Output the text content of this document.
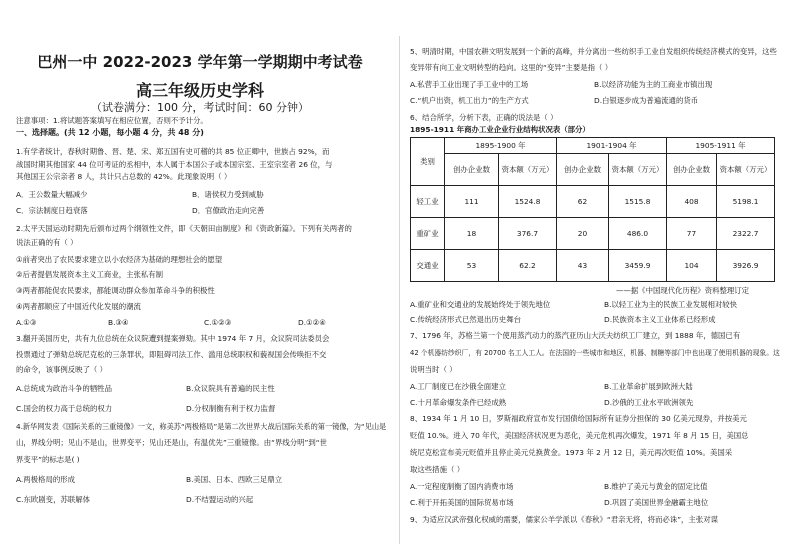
巴州一中 2022-2023 学年第一学期期中考试卷
高三年级历史学科
（试卷满分：100 分，考试时间：60 分钟）
注意事项：1.将试题答案填写在相应位置，否则不予计分。
一、选择题。(共 12 小题，每小题 4 分，共 48 分)
1.有学者统计，春秋时期鲁、晋、楚、宋、郑五国有史可稽的共 85 位正卿中，世族占 92%，而
战国时期其他国家 44 位可考证的丞相中，本人属于本国公子或本国宗室、王室宗室者 26 位，与
其他国王公宗亲者 8 人，共计只占总数的 42%。此现象说明（ ）
A．王公数量大幅减少	B．诸侯权力受到威胁
C．宗法制度日趋衰落	D．官僚政治走向完善
2.太平天国运动时期先后颁布过两个纲领性文件，即《天朝田亩制度》和《资政新篇》。下列有关两者的
说法正确的有（ ）
①前者突出了农民要求建立以小农经济为基础的理想社会的愿望
②后者提倡发展资本主义工商业，主张私有制
③两者都能促农民要求，都能调动群众参加革命斗争的积极性
④两者都顺应了中国近代化发展的潮流
A.①③	B.③④	C.①②③	D.①②④
3.翻开美国历史，共有九位总统在众议院遭到提案弹劾。其中 1974 年 7 月，众议院司法委员会
投票通过了弹劾总统尼克松的三条罪状，即阻碍司法工作、滥用总统职权和藐视国会传唤拒不交
的命令，该事例反映了（ ）
A.总统成为政治斗争的牺牲品	B.众议院具有普遍的民主性
C.国会的权力高于总统的权力	D.分权制衡有利于权力监督
4.新华网发表《国际关系的三重镜像》一文，称美苏“两极格局”是第二次世界大战后国际关系的第一镜像，为“见山是
山，界线分明；见山不是山，世界变平；见山还是山，有温优先”三重镜像。由“界线分明”到“世
界变平”的标志是( )
A.两极格局的形成	B.美国、日本、西欧三足鼎立
C.东欧剧变，苏联解体	D.不结盟运动的兴起
5、明清时期，中国农耕文明发展到一个新的高峰，并分离出一些纺织手工业自发组织传统经济模式的变异，这些
变异带有向工业文明转型的趋向。这里的“变异”主要是指（ ）
A.私营手工业出现了手工业中的工场	B.以经济功能为主的工商业市镇出现
C.“机户出资，机工出力”的生产方式	D.白银逐步成为普遍流通的货币
6、结合所学，分析下表，正确的说法是（ ）
1895-1911 年商办工业企业行业结构状况表（部分）
类别	1895-1900 年		1901-1904 年		1905-1911 年	
	创办企业数	资本额（万元）	创办企业数	资本额（万元）	创办企业数	资本额（万元）
轻工业	111	1524.8	62	1515.8	408	5198.1
重矿业	18	376.7	20	486.0	77	2322.7
交通业	53	62.2	43	3459.9	104	3926.9
——据《中国现代化历程》资料整理订定
A.重矿业和交通业的发展始终处于领先地位	B.以轻工业为主的民族工业发展相对较快
C.传统经济形式已然退出历史舞台	D.民族资本主义工业体系已经形成
7、1796 年，苏格兰第一个使用蒸汽动力的蒸汽亚历山大沃夫纺织工厂建立，到 1888 年，德国已有
42 个机器纺纱织厂，有 20700 名工人工人。在法国的一些城市和地区，机器、制糖等部门中也出现了使用机器的现象。这
说明当时（ ）
A.工厂制度已在沙俄全面建立	B.工业革命扩展到欧洲大陆
C.十月革命爆发条件已经成熟	D.沙俄的工业水平欧洲领先
8、1934 年 1 月 10 日，罗斯福政府宣布发行国债给国际所有证券分担保的 30 亿美元现券，并按美元
贬值 10.%。进入 70 年代，美国经济状况更为恶化，美元危机再次爆发，1971 年 8 月 15 日，美国总
统尼克松宣布美元贬值并且停止美元兑换黄金。1973 年 2 月 12 日，美元再次贬值 10%。美国采
取这些措施（ ）
A.一定程度制衡了国内消费市场	B.维护了美元与黄金的固定比值
C.利于开拓美国的国际贸易市场	D.巩固了美国世界金融霸主地位
9、为适应汉武帝强化权威的需要，儒家公羊学派以《春秋》“君亲无将，将而必诛”，主张对谋
